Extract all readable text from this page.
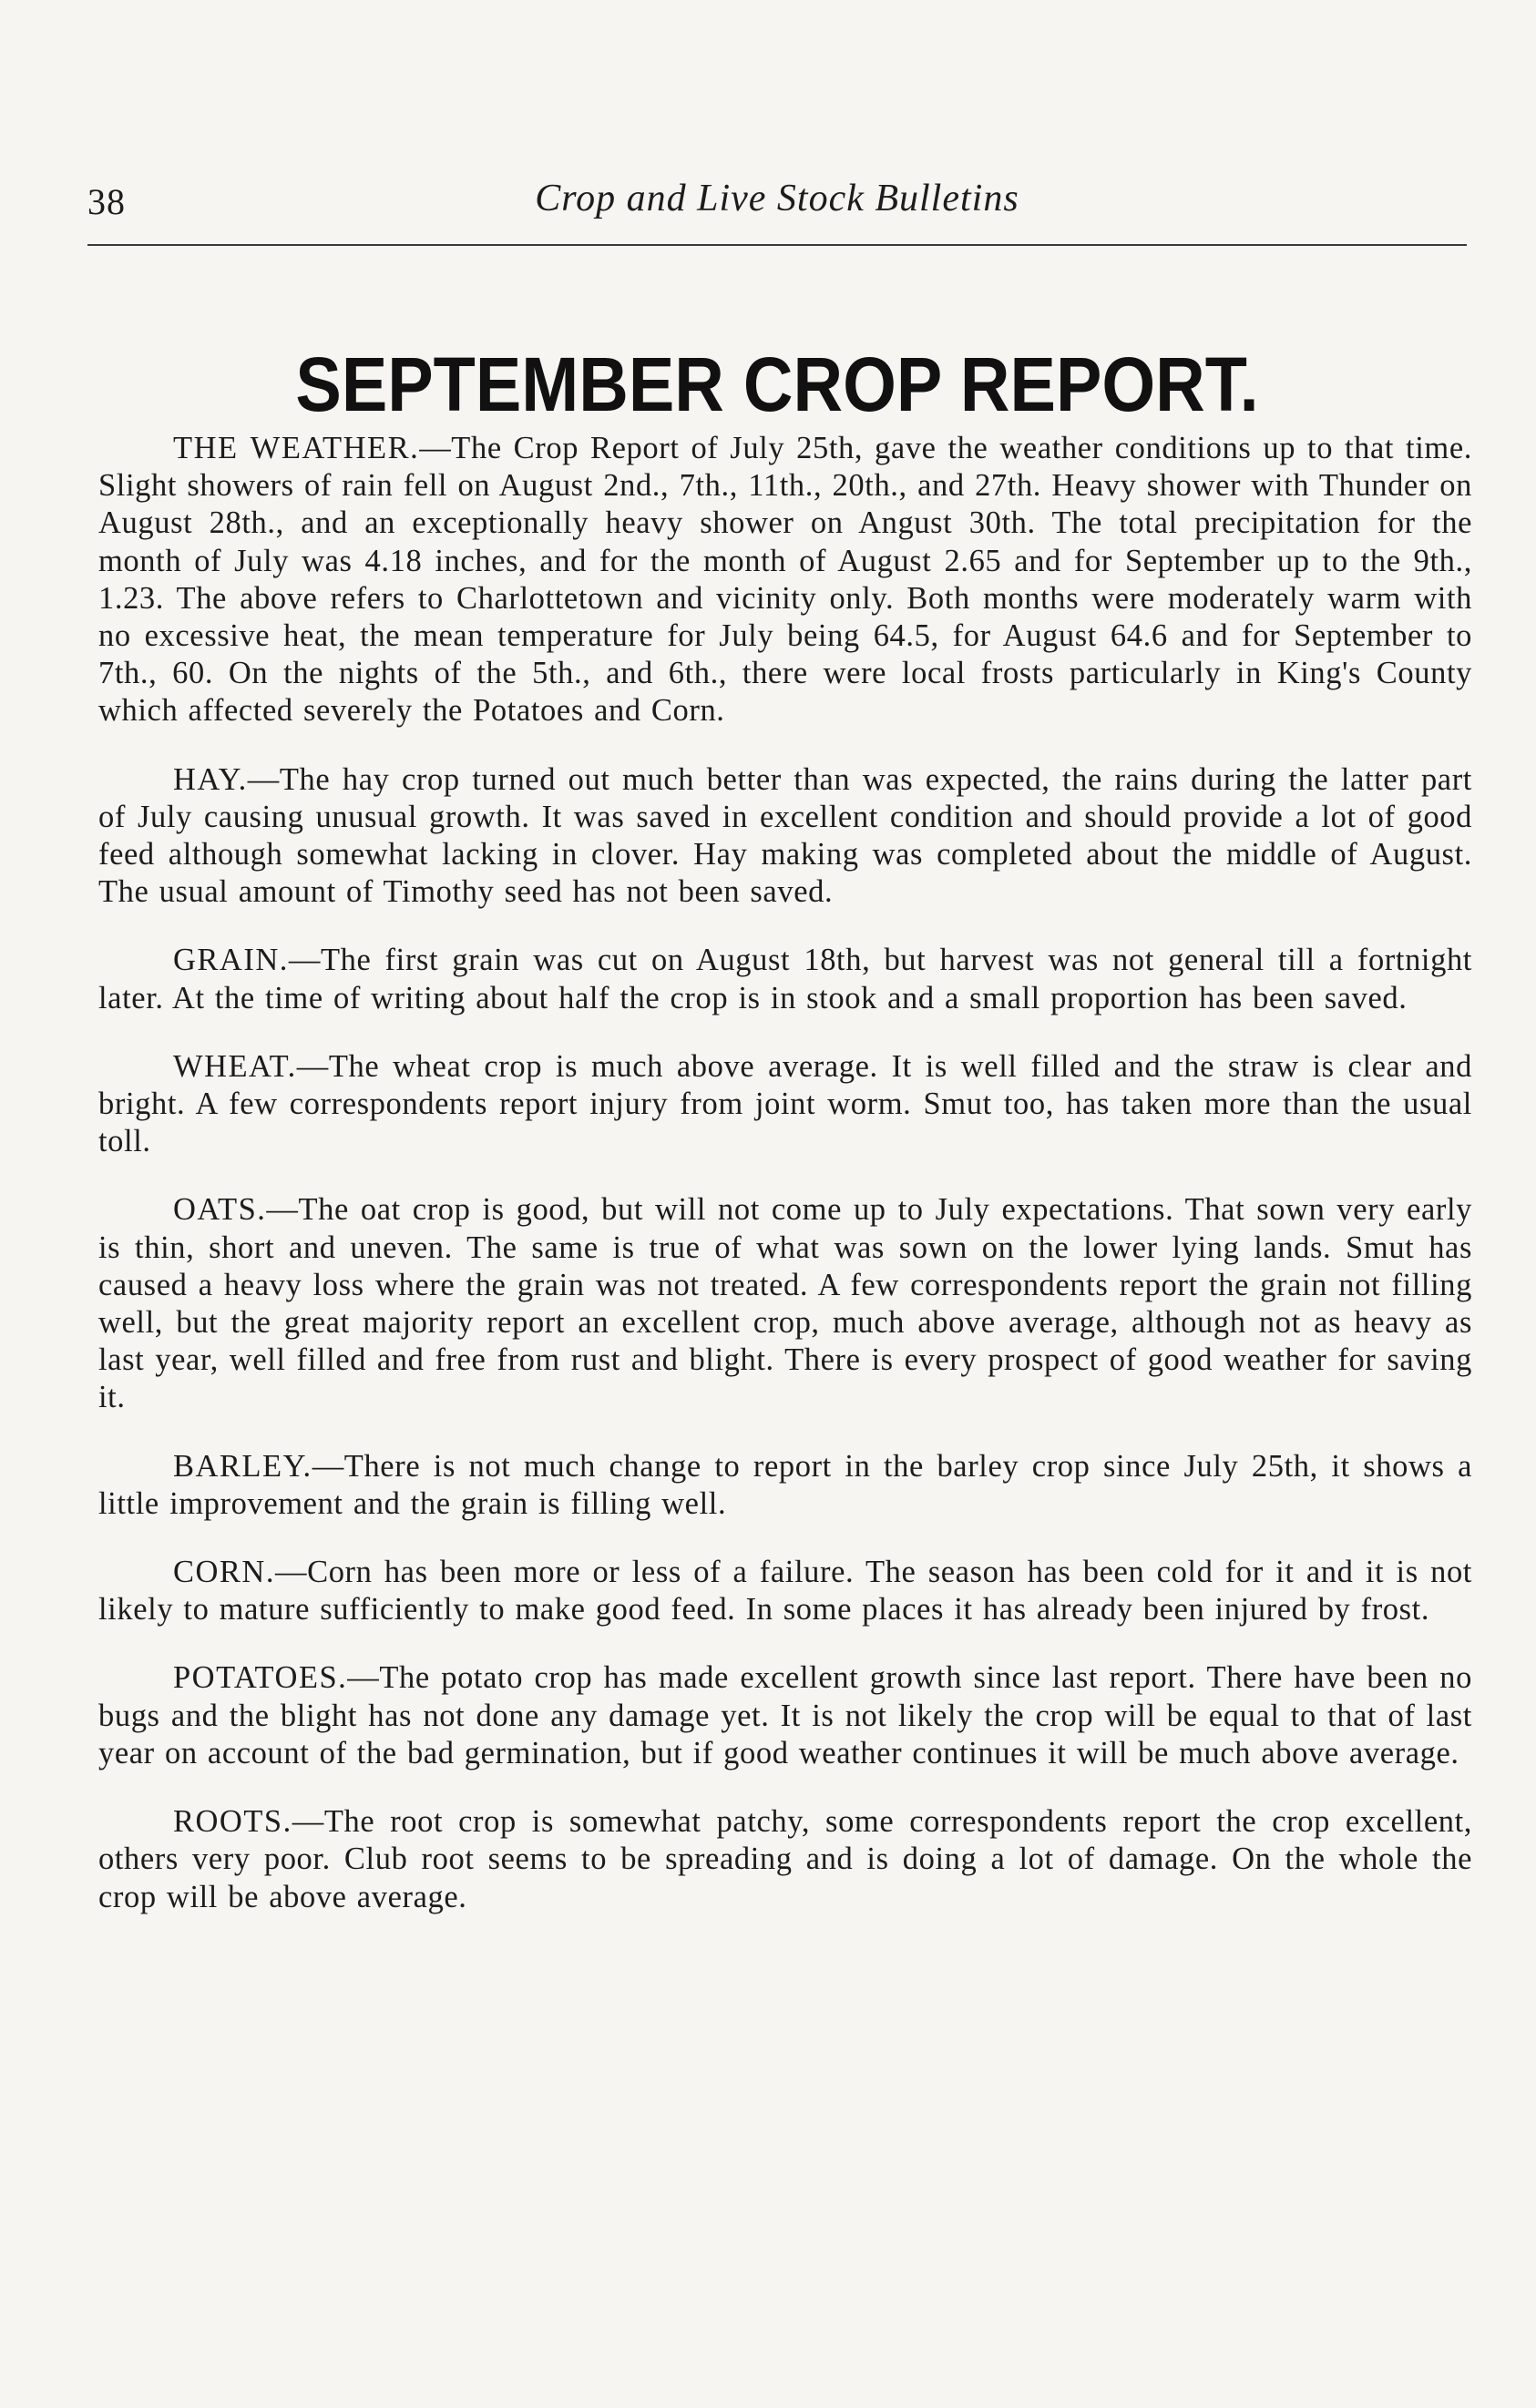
38	Crop and Live Stock Bulletins
SEPTEMBER CROP REPORT.

THE WEATHER.—The Crop Report of July 25th, gave the weather conditions up to that time. Slight showers of rain fell on August 2nd., 7th., 11th., 20th., and 27th. Heavy shower with Thunder on August 28th., and an exceptionally heavy shower on Angust 30th. The total precipitation for the month of July was 4.18 inches, and for the month of August 2.65 and for September up to the 9th., 1.23. The above refers to Charlottetown and vicinity only. Both months were moderately warm with no excessive heat, the mean temperature for July being 64.5, for August 64.6 and for September to 7th., 60. On the nights of the 5th., and 6th., there were local frosts particularly in King's County which affected severely the Potatoes and Corn.

HAY.—The hay crop turned out much better than was expected, the rains during the latter part of July causing unusual growth. It was saved in excellent condition and should provide a lot of good feed although somewhat lacking in clover. Hay making was completed about the middle of August. The usual amount of Timothy seed has not been saved.

GRAIN.—The first grain was cut on August 18th, but harvest was not general till a fortnight later. At the time of writing about half the crop is in stook and a small proportion has been saved.

WHEAT.—The wheat crop is much above average. It is well filled and the straw is clear and bright. A few correspondents report injury from joint worm. Smut too, has taken more than the usual toll.

OATS.—The oat crop is good, but will not come up to July expectations. That sown very early is thin, short and uneven. The same is true of what was sown on the lower lying lands. Smut has caused a heavy loss where the grain was not treated. A few correspondents report the grain not filling well, but the great majority report an excellent crop, much above average, although not as heavy as last year, well filled and free from rust and blight. There is every prospect of good weather for saving it.

BARLEY.—There is not much change to report in the barley crop since July 25th, it shows a little improvement and the grain is filling well.

CORN.—Corn has been more or less of a failure. The season has been cold for it and it is not likely to mature sufficiently to make good feed. In some places it has already been injured by frost.

POTATOES.—The potato crop has made excellent growth since last report. There have been no bugs and the blight has not done any damage yet. It is not likely the crop will be equal to that of last year on account of the bad germination, but if good weather continues it will be much above average.

ROOTS.—The root crop is somewhat patchy, some correspondents report the crop excellent, others very poor. Club root seems to be spreading and is doing a lot of damage. On the whole the crop will be above average.
